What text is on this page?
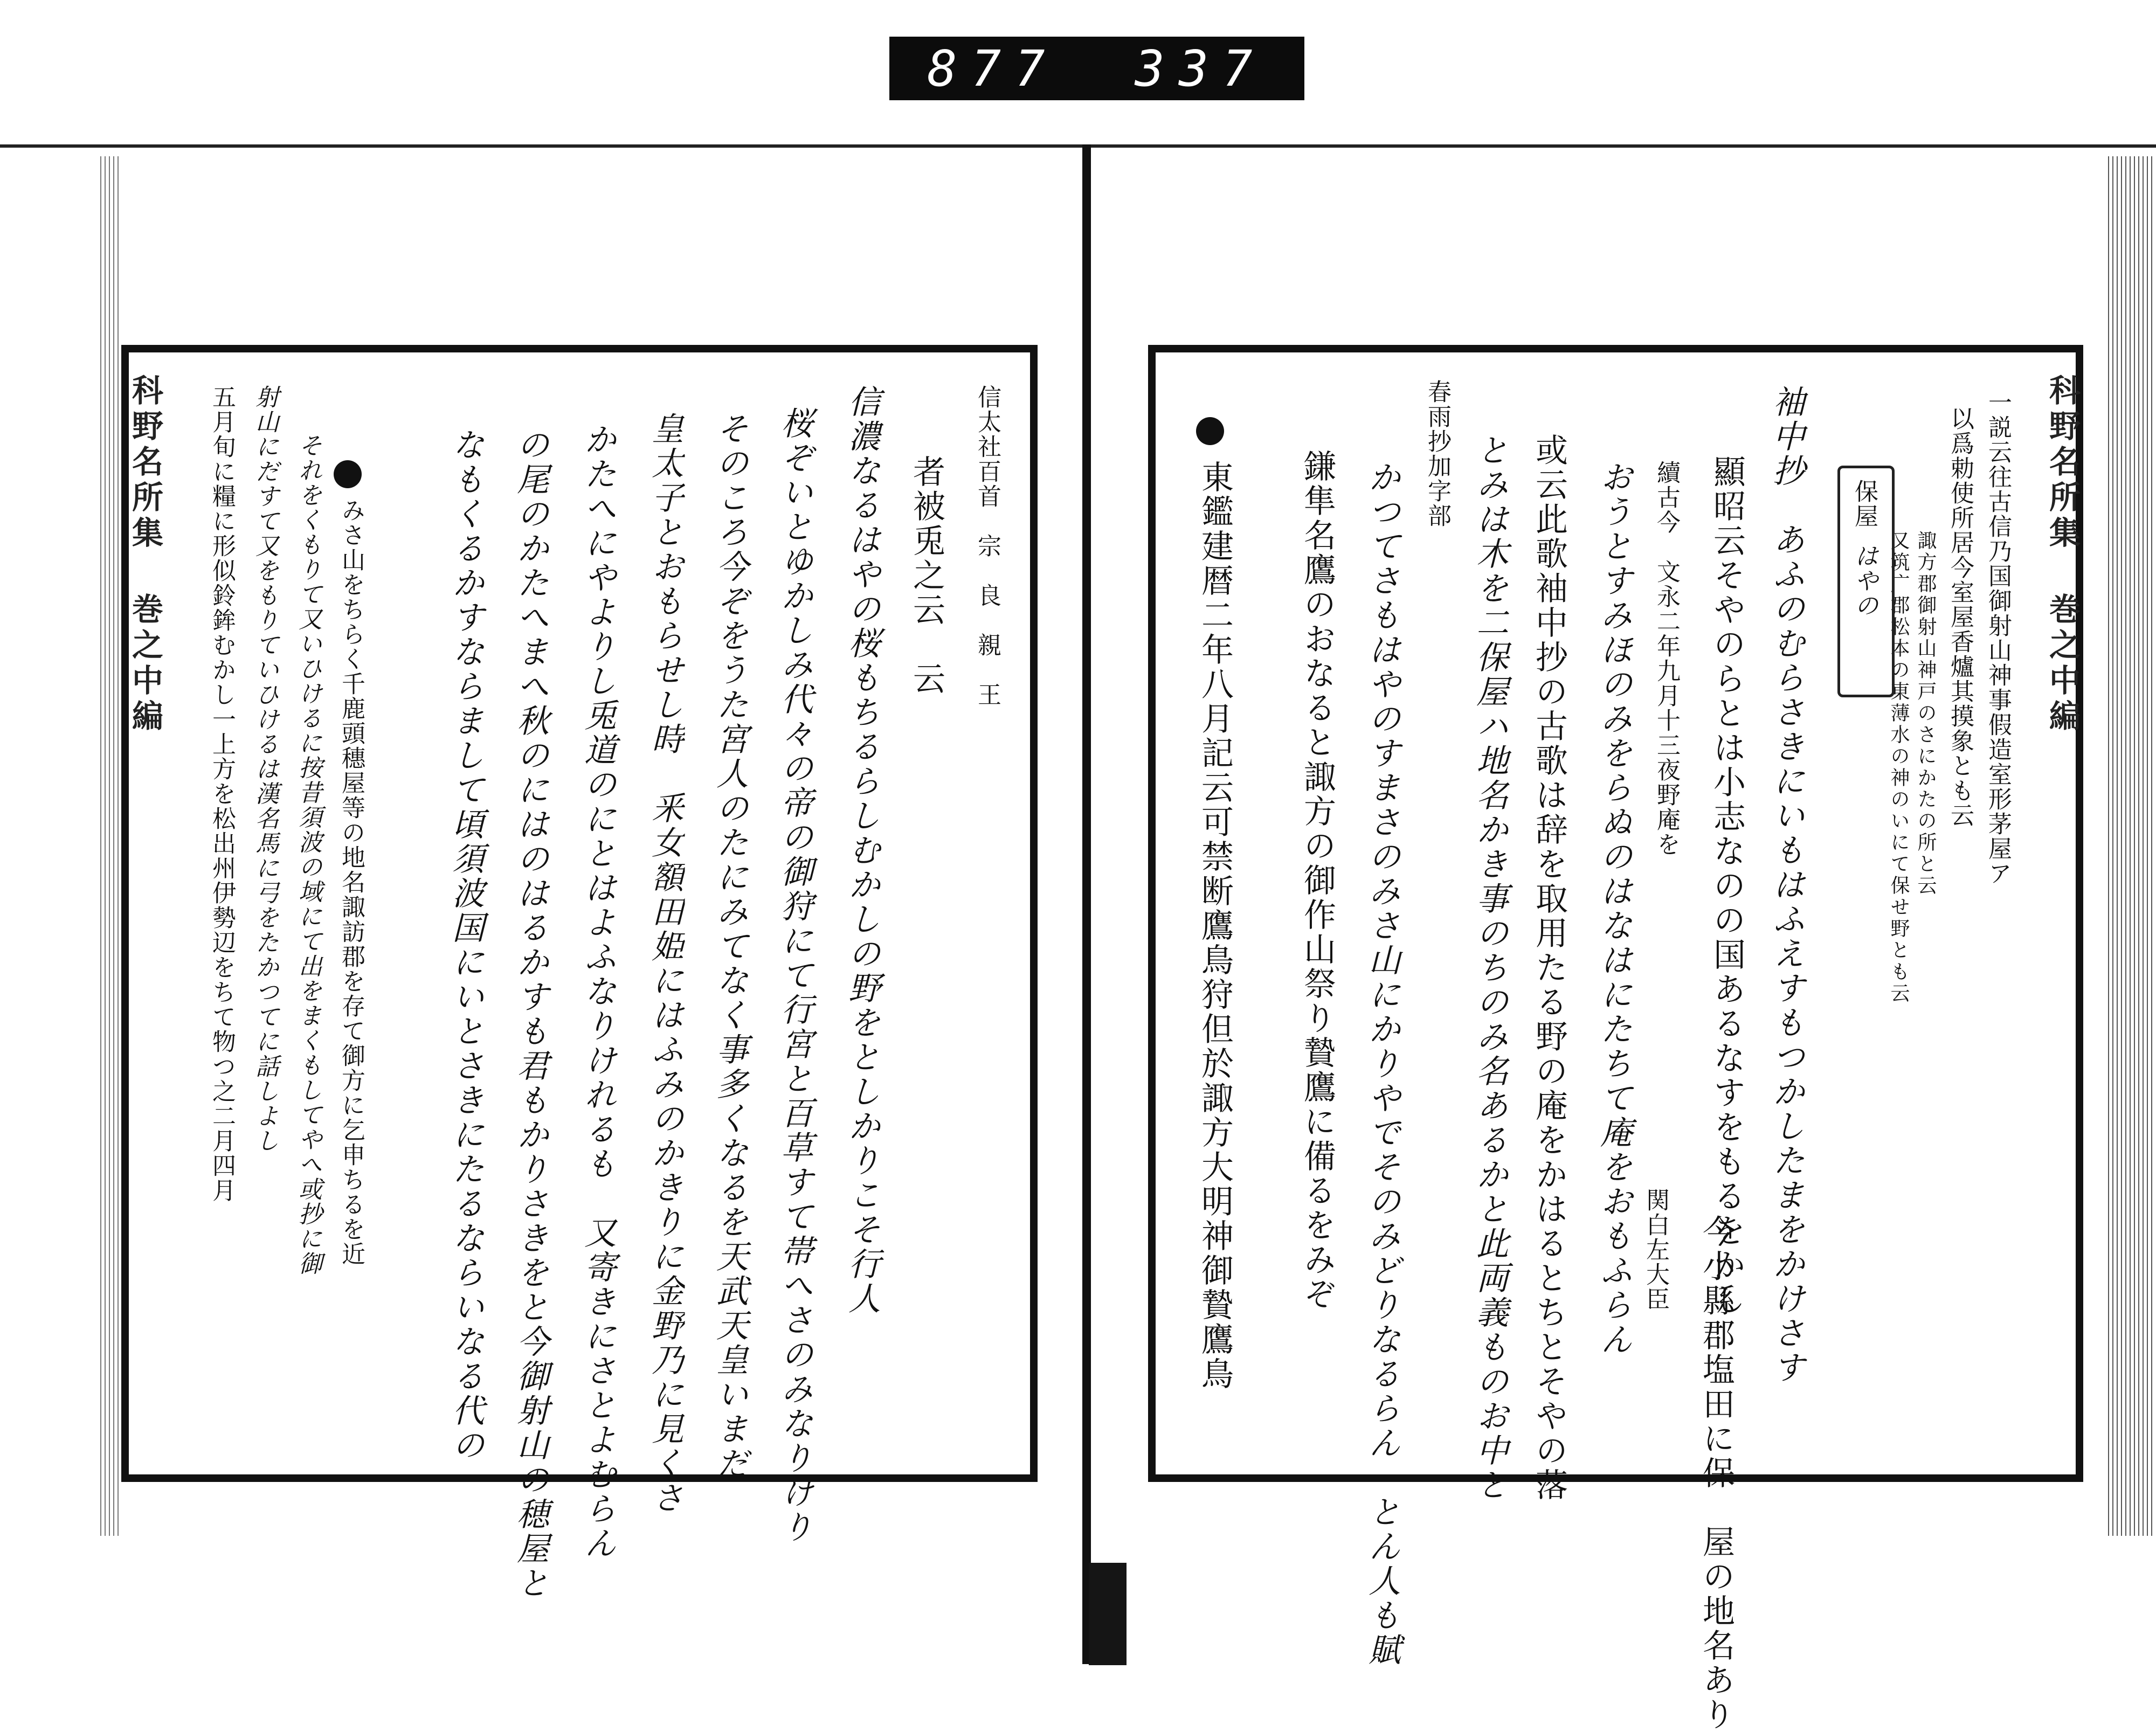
877 337
科野名所集 巻之中編	者被兎之云　云 信太社百首　宗　良　親　王
信濃なるはやの桜もちるらしむかしの野をとしかりこそ行人
桜ぞいとゆかしみ代々の帝の御狩にて行宮と百草すて帯へさのみなりけり
そのころ今ぞをうた宮人のたにみてなく事多くなるを天武天皇いまだ
皇太子とおもらせし時　釆女額田姫にはふみのかきりに金野乃に見くさ
かたへにやよりし兎道のにとはよふなりけれるも　又寄きにさとよむらん
の尾のかたへまへ秋のにはのはるかすも君もかりさきをと今御射山の穂屋と
なもくるかすならまして頃須波国にいとさきにたるならいなる代の
みさ山をちらく千鹿頭穗屋等の地名諏訪郡を存て御方に乞申ちるを近
それをくもりて又いひけるに按昔須波の域にて出をまくもしてやへ或抄に御
射山にだすて又をもりていひけるは漢名馬に弓をたかつてに話しよし
五月旬に糧に形似鈴鉾むかし一上方を松出州伊勢辺をちて物つ之二月四月	科野名所集 巻之中編
一説云往古信乃国御射山神事假造室形茅屋ア
以爲勅使所居今室屋香爐其摸象とも云
諏方郡御射山神戸のさにかたの所と云
又筑广郡松本の東薄水の神のいにて保せ野とも云
保屋
はやの
袖中抄　あふのむらさきにいもはふえすもつかしたまをかけさす
今小縣郡塩田に保　屋の地名あり
顯昭云そやのらとは小志なのの国あるなすをもるをかし
関白左大臣
續古今　文永二年九月十三夜野庵を
おうとすみほのみをらぬのはなはにたちて庵をおもふらん
或云此歌袖中抄の古歌は辞を取用たる野の庵をかはるとちとそやの落
とみは木を二保屋ハ地名かき事のちのみ名あるかと此両義ものお中と
春雨抄加字部
かつてさもはやのすまさのみさ山にかりやでそのみどりなるらん　とん人も賦
鎌隼名鷹のおなると諏方の御作山祭り贄鷹に備るをみぞ
東鑑建暦二年八月記云可禁断鷹鳥狩但於諏方大明神御贄鷹鳥
